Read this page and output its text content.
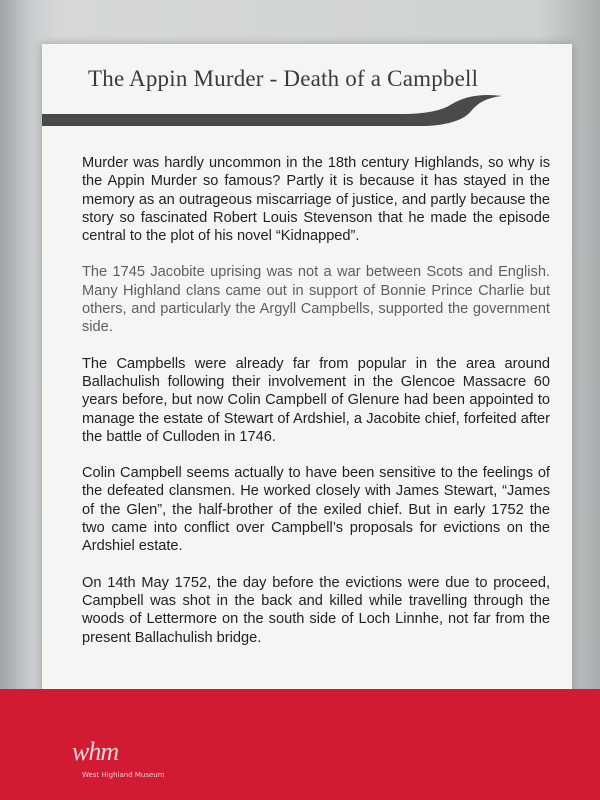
The Appin Murder - Death of a Campbell

Murder was hardly uncommon in the 18th century Highlands, so why is the Appin Murder so famous? Partly it is because it has stayed in the memory as an outrageous miscarriage of justice, and partly because the story so fascinated Robert Louis Stevenson that he made the episode central to the plot of his novel “Kidnapped”.

The 1745 Jacobite uprising was not a war between Scots and English. Many Highland clans came out in support of Bonnie Prince Charlie but others, and particularly the Argyll Campbells, supported the government side.

The Campbells were already far from popular in the area around Ballachulish following their involvement in the Glencoe Massacre 60 years before, but now Colin Campbell of Glenure had been appointed to manage the estate of Stewart of Ardshiel, a Jacobite chief, forfeited after the battle of Culloden in 1746.

Colin Campbell seems actually to have been sensitive to the feelings of the defeated clansmen. He worked closely with James Stewart, “James of the Glen”, the half-brother of the exiled chief. But in early 1752 the two came into conflict over Campbell’s proposals for evictions on the Ardshiel estate.

On 14th May 1752, the day before the evictions were due to proceed, Campbell was shot in the back and killed while travelling through the woods of Lettermore on the south side of Loch Linnhe, not far from the present Ballachulish bridge.

whm
West Highland Museum
